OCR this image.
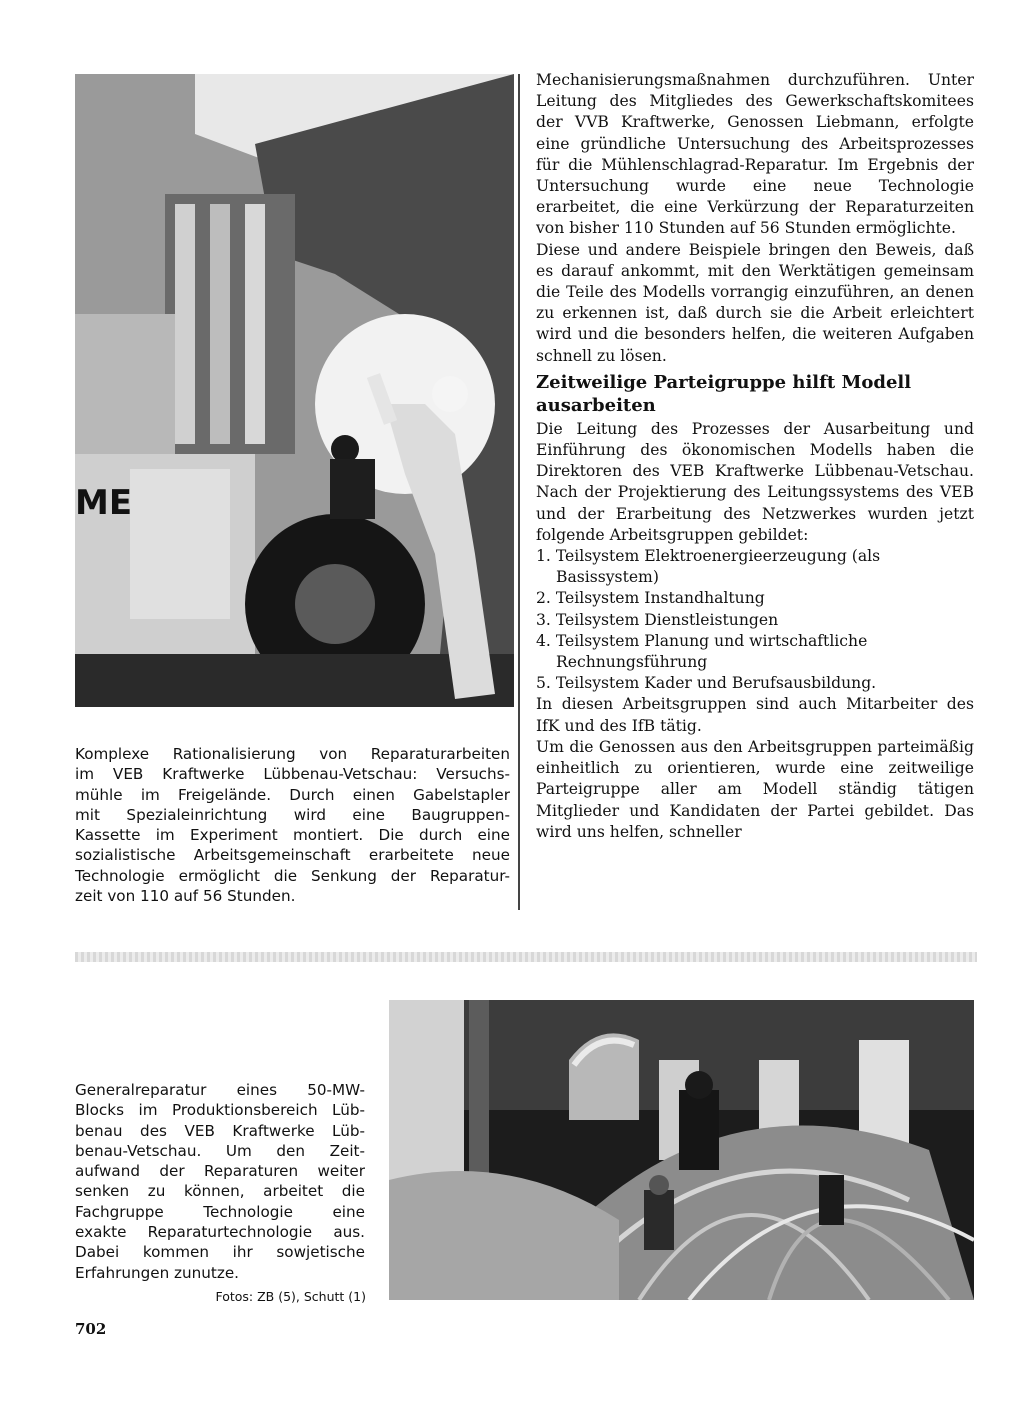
ME
Komplexe Rationalisierung von Reparaturarbeiten
im VEB Kraftwerke Lübbenau-Vetschau: Versuchs-
mühle im Freigelände. Durch einen Gabelstapler
mit Spezialeinrichtung wird eine Baugruppen-
Kassette im Experiment montiert. Die durch eine
sozialistische Arbeitsgemeinschaft erarbeitete neue
Technologie ermöglicht die Senkung der Reparatur-
zeit von 110 auf 56 Stunden.

Mechanisierungsmaßnahmen durchzuführen. Unter Leitung des Mitgliedes des Gewerkschaftskomitees der VVB Kraftwerke, Genossen Liebmann, erfolgte eine gründliche Untersuchung des Arbeitsprozesses für die Mühlenschlagrad-Reparatur. Im Ergebnis der Untersuchung wurde eine neue Technologie erarbeitet, die eine Verkürzung der Reparaturzeiten von bisher 110 Stunden auf 56 Stunden ermöglichte.

Diese und andere Beispiele bringen den Beweis, daß es darauf ankommt, mit den Werktätigen gemeinsam die Teile des Modells vorrangig einzuführen, an denen zu erkennen ist, daß durch sie die Arbeit erleichtert wird und die besonders helfen, die weiteren Aufgaben schnell zu lösen.

Zeitweilige Parteigruppe hilft Modell ausarbeiten

Die Leitung des Prozesses der Ausarbeitung und Einführung des ökonomischen Modells haben die Direktoren des VEB Kraftwerke Lübbenau-Vetschau. Nach der Projektierung des Leitungssystems des VEB und der Erarbeitung des Netzwerkes wurden jetzt folgende Arbeitsgruppen gebildet:

1. Teilsystem Elektroenergieerzeugung (als Basissystem)
2. Teilsystem Instandhaltung
3. Teilsystem Dienstleistungen
4. Teilsystem Planung und wirtschaftliche Rechnungsführung
5. Teilsystem Kader und Berufsausbildung.

In diesen Arbeitsgruppen sind auch Mitarbeiter des IfK und des IfB tätig.

Um die Genossen aus den Arbeitsgruppen parteimäßig einheitlich zu orientieren, wurde eine zeitweilige Parteigruppe aller am Modell ständig tätigen Mitglieder und Kandidaten der Partei gebildet. Das wird uns helfen, schneller

Generalreparatur eines 50-MW-
Blocks im Produktionsbereich Lüb-
benau des VEB Kraftwerke Lüb-
benau-Vetschau. Um den Zeit-
aufwand der Reparaturen weiter
senken zu können, arbeitet die
Fachgruppe Technologie eine
exakte Reparaturtechnologie aus.
Dabei kommen ihr sowjetische
Erfahrungen zunutze.
Fotos: ZB (5), Schutt (1)
702
